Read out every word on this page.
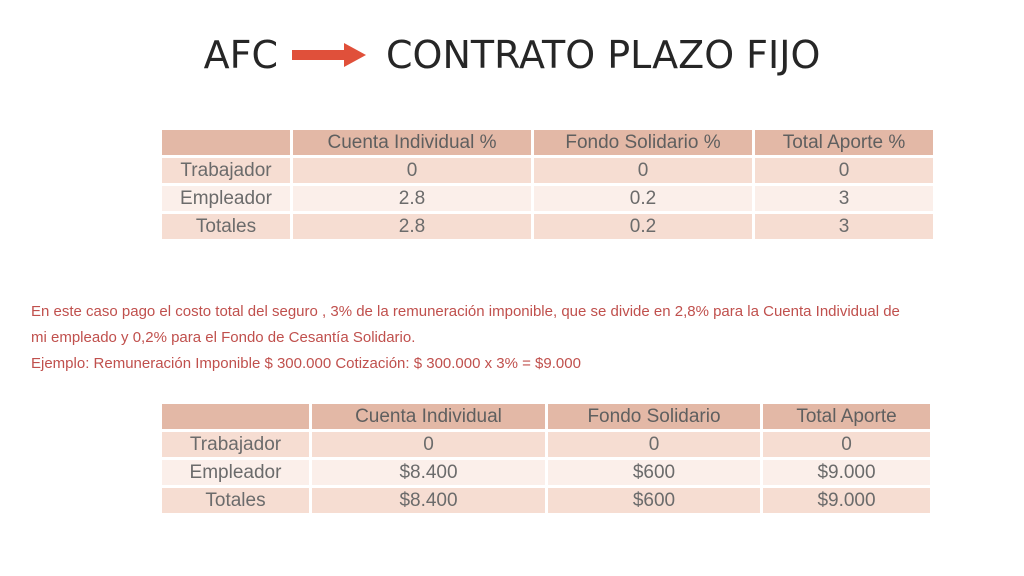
AFC	CONTRATO PLAZO FIJO
	Cuenta Individual %	Fondo Solidario %	Total Aporte %
Trabajador	0	0	0
Empleador	2.8	0.2	3
Totales	2.8	0.2	3
En este caso pago el costo total del seguro , 3% de la remuneración imponible, que se divide en 2,8% para la Cuenta Individual de
mi empleado y 0,2% para el Fondo de Cesantía Solidario.
Ejemplo: Remuneración Imponible $ 300.000 Cotización: $ 300.000 x 3% = $9.000
	Cuenta Individual	Fondo Solidario	Total Aporte
Trabajador	0	0	0
Empleador	$8.400	$600	$9.000
Totales	$8.400	$600	$9.000
